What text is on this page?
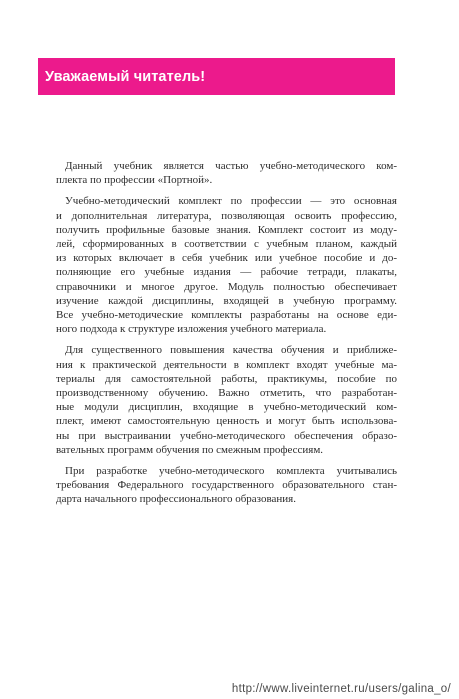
Уважаемый читатель!

Данный учебник является частью учебно-методического ком-
плекта по профессии «Портной».

Учебно-методический комплект по профессии — это основная
и дополнительная литература, позволяющая освоить профессию,
получить профильные базовые знания. Комплект состоит из моду-
лей, сформированных в соответствии с учебным планом, каждый
из которых включает в себя учебник или учебное пособие и до-
полняющие его учебные издания — рабочие тетради, плакаты,
справочники и многое другое. Модуль полностью обеспечивает
изучение каждой дисциплины, входящей в учебную программу.
Все учебно-методические комплекты разработаны на основе еди-
ного подхода к структуре изложения учебного материала.

Для существенного повышения качества обучения и приближе-
ния к практической деятельности в комплект входят учебные ма-
териалы для самостоятельной работы, практикумы, пособие по
производственному обучению. Важно отметить, что разработан-
ные модули дисциплин, входящие в учебно-методический ком-
плект, имеют самостоятельную ценность и могут быть использова-
ны при выстраивании учебно-методического обеспечения образо-
вательных программ обучения по смежным профессиям.

При разработке учебно-методического комплекта учитывались
требования Федерального государственного образовательного стан-
дарта начального профессионального образования.

http://www.liveinternet.ru/users/galina_o/
